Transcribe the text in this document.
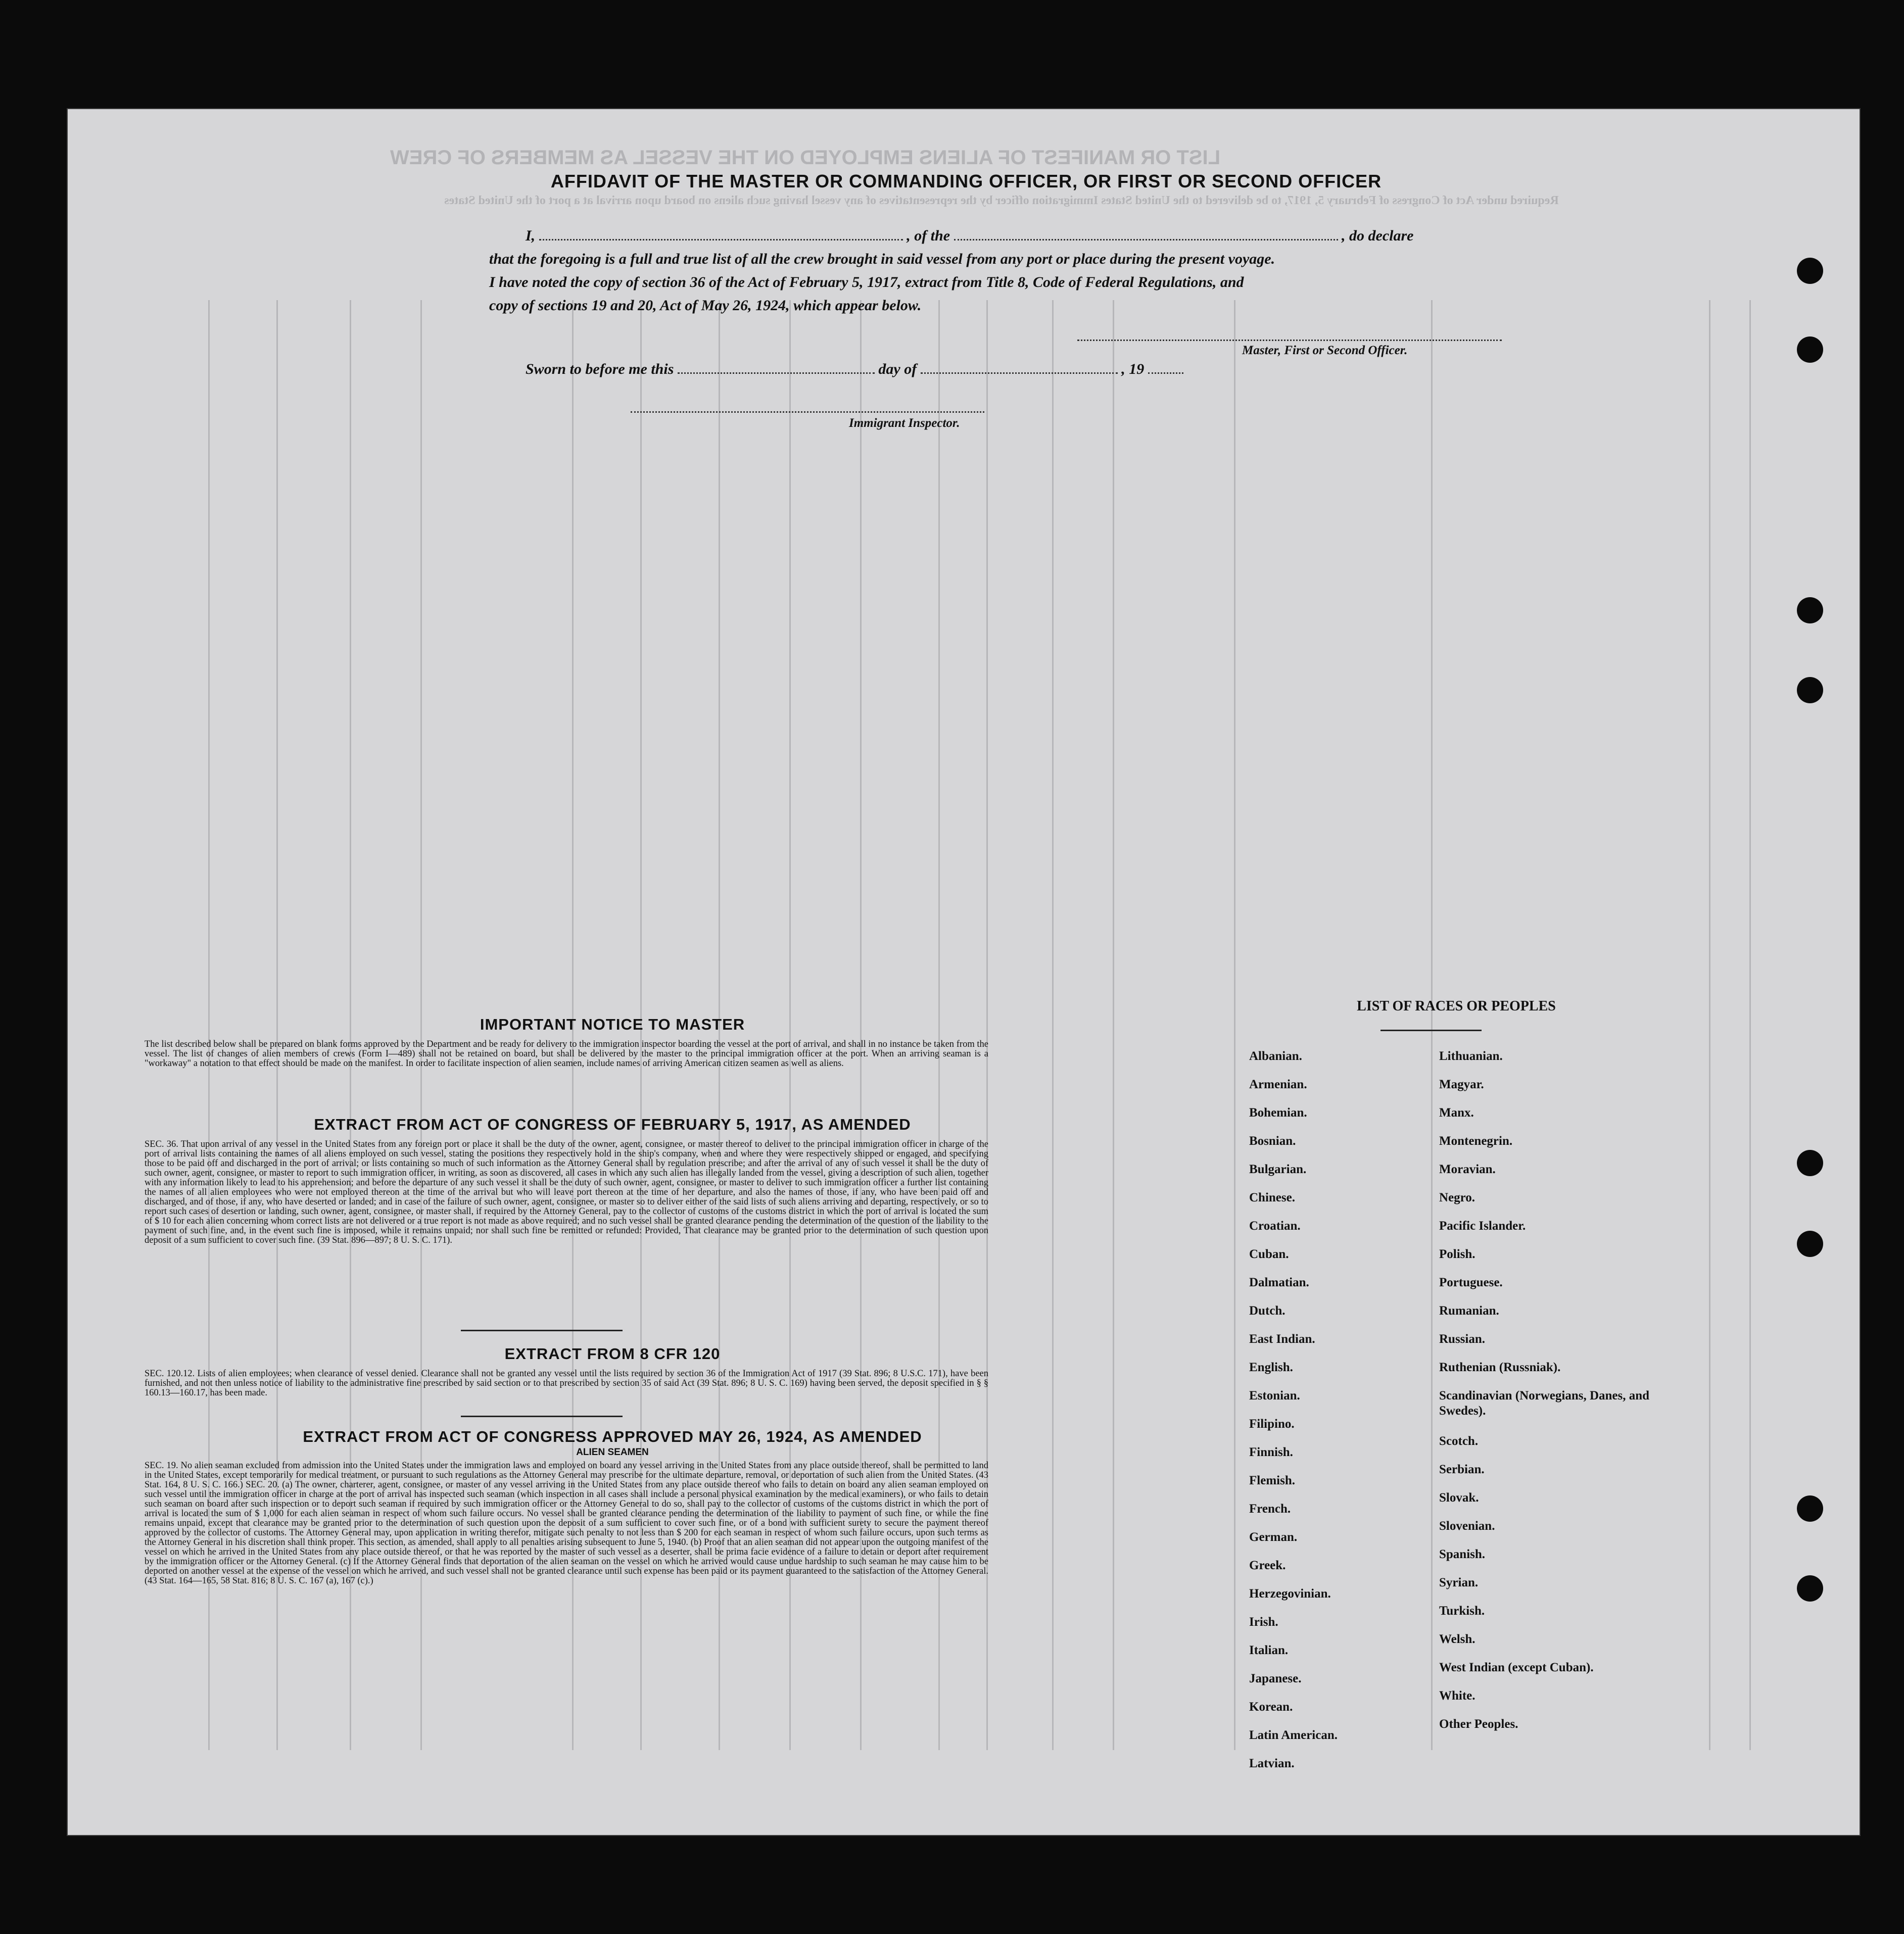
LIST OR MANIFEST OF ALIENS EMPLOYED ON THE VESSEL AS MEMBERS OF CREW
Required under Act of Congress of February 5, 1917, to be delivered to the United States Immigration officer by the representatives of any vessel having such aliens on board upon arrival at a port of the United States
AFFIDAVIT OF THE MASTER OR COMMANDING OFFICER, OR FIRST OR SECOND OFFICER
I,	, of the	, do declare
that the foregoing is a full and true list of all the crew brought in said vessel from any port or place during the present voyage.
I have noted the copy of section 36 of the Act of February 5, 1917, extract from Title 8, Code of Federal Regulations, and
copy of sections 19 and 20, Act of May 26, 1924, which appear below.
Master, First or Second Officer.
Sworn to before me this	day of	, 19
Immigrant Inspector.
IMPORTANT NOTICE TO MASTER
The list described below shall be prepared on blank forms approved by the Department and be ready for delivery to the immigration inspector boarding the vessel at the port of arrival, and shall in no instance be taken from the vessel. The list of changes of alien members of crews (Form I—489) shall not be retained on board, but shall be delivered by the master to the principal immigration officer at the port. When an arriving seaman is a "workaway" a notation to that effect should be made on the manifest. In order to facilitate inspection of alien seamen, include names of arriving American citizen seamen as well as aliens.
EXTRACT FROM ACT OF CONGRESS OF FEBRUARY 5, 1917, AS AMENDED
SEC. 36. That upon arrival of any vessel in the United States from any foreign port or place it shall be the duty of the owner, agent, consignee, or master thereof to deliver to the principal immigration officer in charge of the port of arrival lists containing the names of all aliens employed on such vessel, stating the positions they respectively hold in the ship's company, when and where they were respectively shipped or engaged, and specifying those to be paid off and discharged in the port of arrival; or lists containing so much of such information as the Attorney General shall by regulation prescribe; and after the arrival of any of such vessel it shall be the duty of such owner, agent, consignee, or master to report to such immigration officer, in writing, as soon as discovered, all cases in which any such alien has illegally landed from the vessel, giving a description of such alien, together with any information likely to lead to his apprehension; and before the departure of any such vessel it shall be the duty of such owner, agent, consignee, or master to deliver to such immigration officer a further list containing the names of all alien employees who were not employed thereon at the time of the arrival but who will leave port thereon at the time of her departure, and also the names of those, if any, who have been paid off and discharged, and of those, if any, who have deserted or landed; and in case of the failure of such owner, agent, consignee, or master so to deliver either of the said lists of such aliens arriving and departing, respectively, or so to report such cases of desertion or landing, such owner, agent, consignee, or master shall, if required by the Attorney General, pay to the collector of customs of the customs district in which the port of arrival is located the sum of $ 10 for each alien concerning whom correct lists are not delivered or a true report is not made as above required; and no such vessel shall be granted clearance pending the determination of the question of the liability to the payment of such fine, and, in the event such fine is imposed, while it remains unpaid; nor shall such fine be remitted or refunded: Provided, That clearance may be granted prior to the determination of such question upon deposit of a sum sufficient to cover such fine. (39 Stat. 896—897; 8 U. S. C. 171).
EXTRACT FROM 8 CFR 120
SEC. 120.12. Lists of alien employees; when clearance of vessel denied. Clearance shall not be granted any vessel until the lists required by section 36 of the Immigration Act of 1917 (39 Stat. 896; 8 U.S.C. 171), have been furnished, and not then unless notice of liability to the administrative fine prescribed by said section or to that prescribed by section 35 of said Act (39 Stat. 896; 8 U. S. C. 169) having been served, the deposit specified in § § 160.13—160.17, has been made.
EXTRACT FROM ACT OF CONGRESS APPROVED MAY 26, 1924, AS AMENDED
ALIEN SEAMEN
SEC. 19. No alien seaman excluded from admission into the United States under the immigration laws and employed on board any vessel arriving in the United States from any place outside thereof, shall be permitted to land in the United States, except temporarily for medical treatment, or pursuant to such regulations as the Attorney General may prescribe for the ultimate departure, removal, or deportation of such alien from the United States. (43 Stat. 164, 8 U. S. C. 166.) SEC. 20. (a) The owner, charterer, agent, consignee, or master of any vessel arriving in the United States from any place outside thereof who fails to detain on board any alien seaman employed on such vessel until the immigration officer in charge at the port of arrival has inspected such seaman (which inspection in all cases shall include a personal physical examination by the medical examiners), or who fails to detain such seaman on board after such inspection or to deport such seaman if required by such immigration officer or the Attorney General to do so, shall pay to the collector of customs of the customs district in which the port of arrival is located the sum of $ 1,000 for each alien seaman in respect of whom such failure occurs. No vessel shall be granted clearance pending the determination of the liability to payment of such fine, or while the fine remains unpaid, except that clearance may be granted prior to the determination of such question upon the deposit of a sum sufficient to cover such fine, or of a bond with sufficient surety to secure the payment thereof approved by the collector of customs. The Attorney General may, upon application in writing therefor, mitigate such penalty to not less than $ 200 for each seaman in respect of whom such failure occurs, upon such terms as the Attorney General in his discretion shall think proper. This section, as amended, shall apply to all penalties arising subsequent to June 5, 1940. (b) Proof that an alien seaman did not appear upon the outgoing manifest of the vessel on which he arrived in the United States from any place outside thereof, or that he was reported by the master of such vessel as a deserter, shall be prima facie evidence of a failure to detain or deport after requirement by the immigration officer or the Attorney General. (c) If the Attorney General finds that deportation of the alien seaman on the vessel on which he arrived would cause undue hardship to such seaman he may cause him to be deported on another vessel at the expense of the vessel on which he arrived, and such vessel shall not be granted clearance until such expense has been paid or its payment guaranteed to the satisfaction of the Attorney General. (43 Stat. 164—165, 58 Stat. 816; 8 U. S. C. 167 (a), 167 (c).)
LIST OF RACES OR PEOPLES
Albanian.
Armenian.
Bohemian.
Bosnian.
Bulgarian.
Chinese.
Croatian.
Cuban.
Dalmatian.
Dutch.
East Indian.
English.
Estonian.
Filipino.
Finnish.
Flemish.
French.
German.
Greek.
Herzegovinian.
Irish.
Italian.
Japanese.
Korean.
Latin American.
Latvian.
Lithuanian.
Magyar.
Manx.
Montenegrin.
Moravian.
Negro.
Pacific Islander.
Polish.
Portuguese.
Rumanian.
Russian.
Ruthenian (Russniak).
Scandinavian (Norwegians, Danes, and Swedes).
Scotch.
Serbian.
Slovak.
Slovenian.
Spanish.
Syrian.
Turkish.
Welsh.
West Indian (except Cuban).
White.
Other Peoples.
